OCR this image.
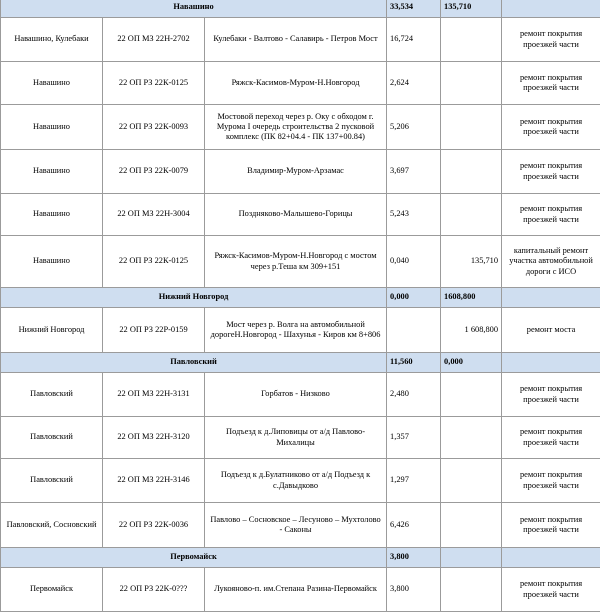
Навашино			33,534	135,710	
Навашино, Кулебаки	22 ОП МЗ 22Н-2702	Кулебаки - Валтово - Салавирь - Петров Мост	16,724		ремонт покрытия проезжей части
Навашино	22 ОП РЗ 22К-0125	Ряжск-Касимов-Муром-Н.Новгород	2,624		ремонт покрытия проезжей части
Навашино	22 ОП РЗ 22К-0093	Мостовой переход через р. Оку с обходом г. Мурома I очередь строительства 2 пусковой комплекс (ПК 82+04.4 - ПК 137+00.84)	5,206		ремонт покрытия проезжей части
Навашино	22 ОП РЗ 22К-0079	Владимир-Муром-Арзамас	3,697		ремонт покрытия проезжей части
Навашино	22 ОП МЗ 22Н-3004	Поздняково-Малышево-Горицы	5,243		ремонт покрытия проезжей части
Навашино	22 ОП РЗ 22К-0125	Ряжск-Касимов-Муром-Н.Новгород с мостом через р.Теша км 309+151	0,040	135,710	капитальный ремонт участка автомобильной дороги с ИСО
Нижний Новгород			0,000	1608,800	
Нижний Новгород	22 ОП РЗ 22Р-0159	Мост через р. Волга на автомобильной дорогеН.Новгород - Шахунья - Киров км 8+806		1 608,800	ремонт моста
Павловский			11,560	0,000	
Павловский	22 ОП МЗ 22Н-3131	Горбатов - Низково	2,480		ремонт покрытия проезжей части
Павловский	22 ОП МЗ 22Н-3120	Подъезд к д.Липовицы от а/д Павлово-Михалицы	1,357		ремонт покрытия проезжей части
Павловский	22 ОП МЗ 22Н-3146	Подъезд к д.Булатниково от а/д Подъезд к с.Давыдково	1,297		ремонт покрытия проезжей части
Павловский, Сосновский	22 ОП РЗ 22К-0036	Павлово – Сосновское – Лесуново – Мухтолово - Саконы	6,426		ремонт покрытия проезжей части
Первомайск			3,800		
Первомайск	22 ОП РЗ 22К-0???	Лукояново-п. им.Степана Разина-Первомайск	3,800		ремонт покрытия проезжей части
